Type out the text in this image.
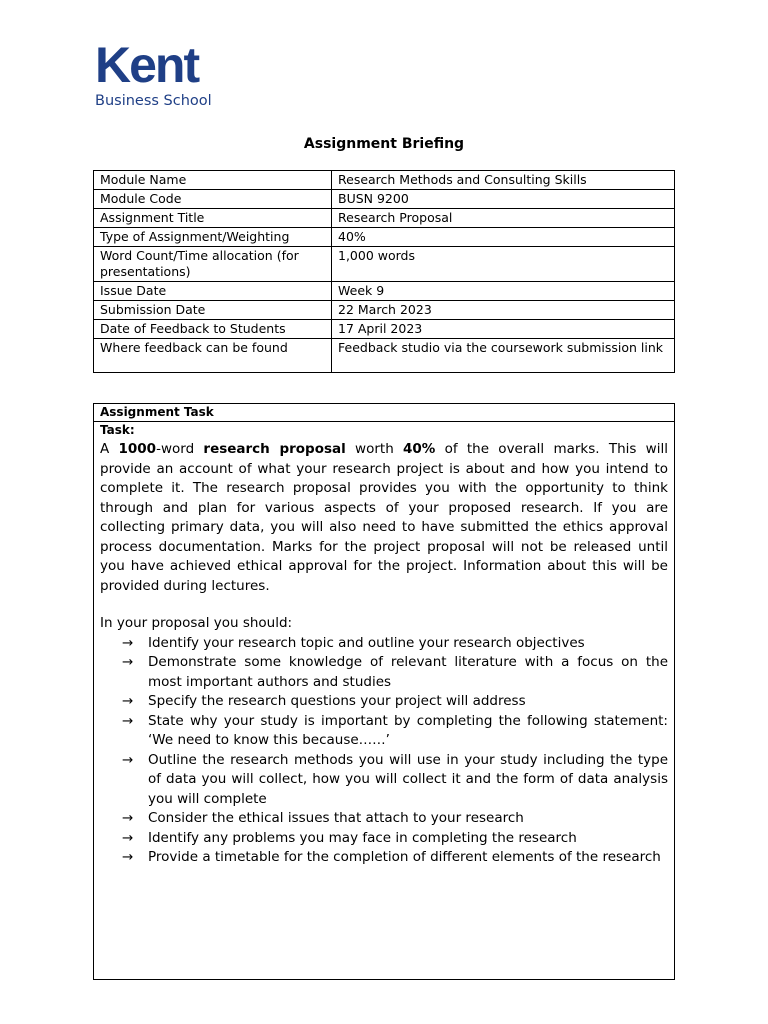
Kent
Business School
Assignment Briefing
Module Name	Research Methods and Consulting Skills
Module Code	BUSN 9200
Assignment Title	Research Proposal
Type of Assignment/Weighting	40%
Word Count/Time allocation (for presentations)	1,000 words
Issue Date	Week 9
Submission Date	22 March 2023
Date of Feedback to Students	17 April 2023
Where feedback can be found	Feedback studio via the coursework submission link
Assignment Task
Task:

A 1000-word research proposal worth 40% of the overall marks. This will provide an account of what your research project is about and how you intend to complete it. The research proposal provides you with the opportunity to think through and plan for various aspects of your proposed research. If you are collecting primary data, you will also need to have submitted the ethics approval process documentation. Marks for the project proposal will not be released until you have achieved ethical approval for the project. Information about this will be provided during lectures.

In your proposal you should:

→ Identify your research topic and outline your research objectives
→ Demonstrate some knowledge of relevant literature with a focus on the most important authors and studies
→ Specify the research questions your project will address
→ State why your study is important by completing the following statement: ‘We need to know this because……’
→ Outline the research methods you will use in your study including the type of data you will collect, how you will collect it and the form of data analysis you will complete
→ Consider the ethical issues that attach to your research
→ Identify any problems you may face in completing the research
→ Provide a timetable for the completion of different elements of the research
